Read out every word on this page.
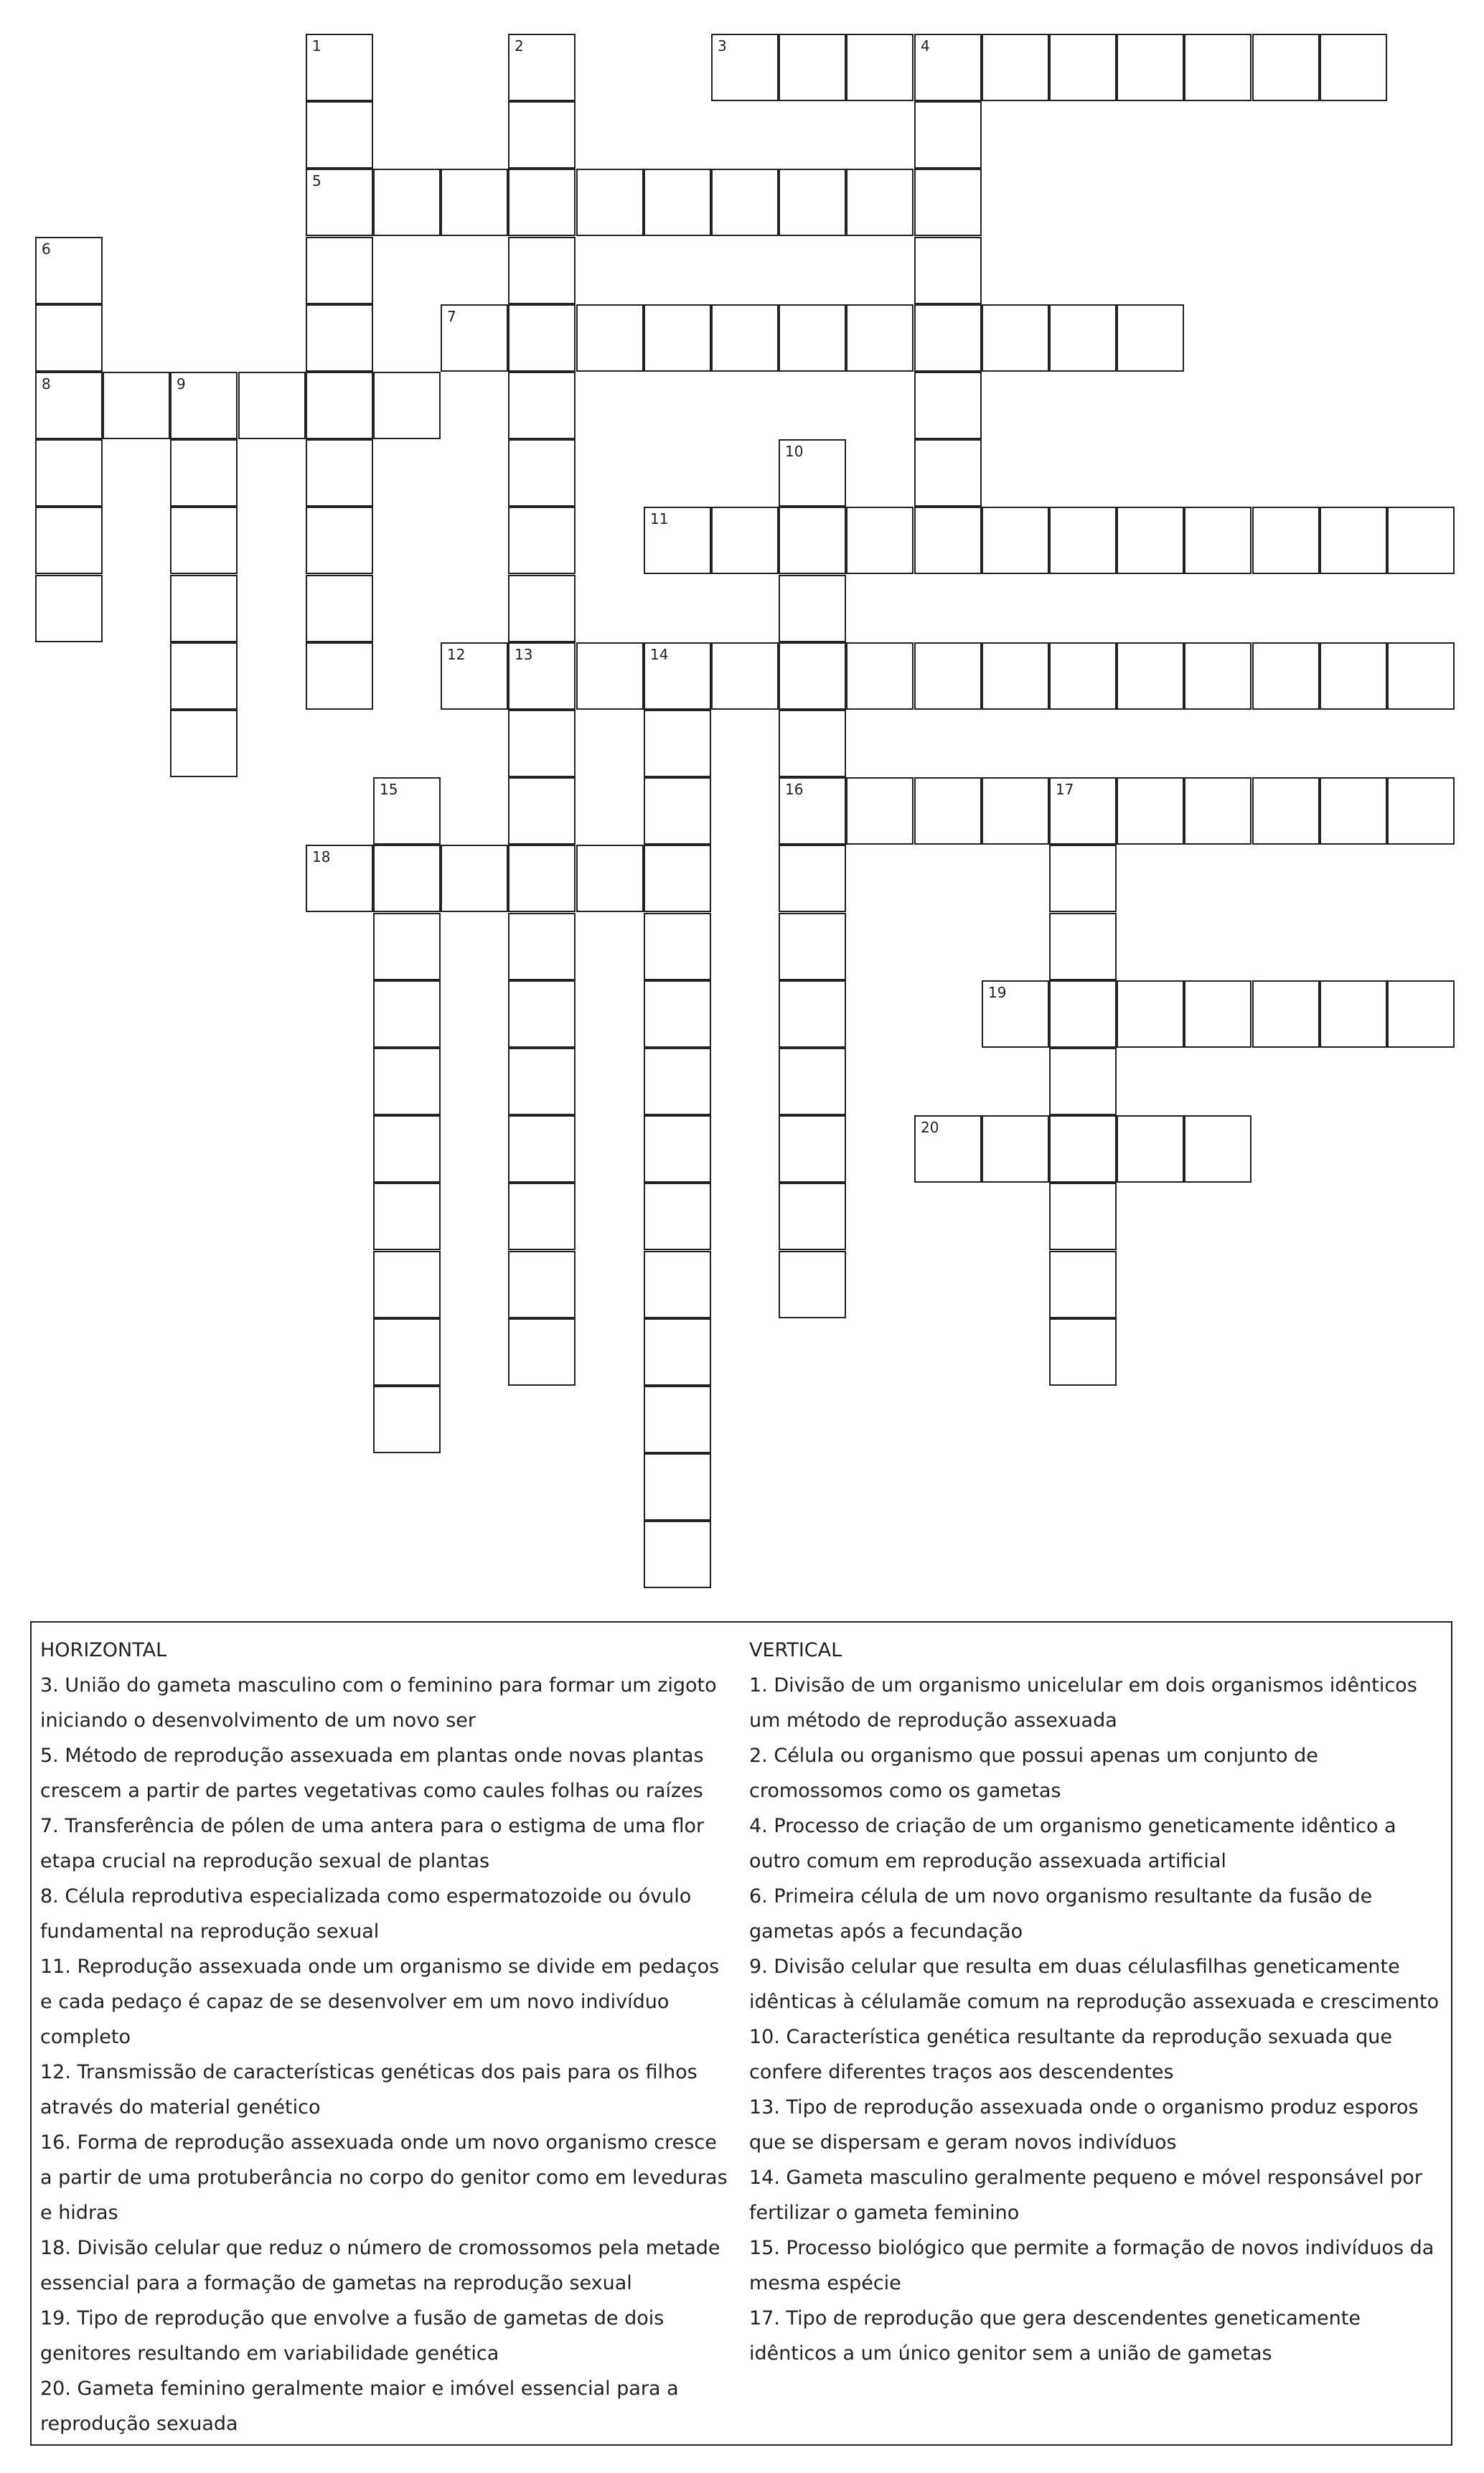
3	4
5
7
8	9
11
12	13	14
16	17
18
19
20
1	2
6
10
15
HORIZONTAL
3. União do gameta masculino com o feminino para formar um zigoto iniciando o desenvolvimento de um novo ser
5. Método de reprodução assexuada em plantas onde novas plantas crescem a partir de partes vegetativas como caules folhas ou raízes
7. Transferência de pólen de uma antera para o estigma de uma flor etapa crucial na reprodução sexual de plantas
8. Célula reprodutiva especializada como espermatozoide ou óvulo fundamental na reprodução sexual
11. Reprodução assexuada onde um organismo se divide em pedaços e cada pedaço é capaz de se desenvolver em um novo indivíduo completo
12. Transmissão de características genéticas dos pais para os filhos através do material genético
16. Forma de reprodução assexuada onde um novo organismo cresce a partir de uma protuberância no corpo do genitor como em leveduras e hidras
18. Divisão celular que reduz o número de cromossomos pela metade essencial para a formação de gametas na reprodução sexual
19. Tipo de reprodução que envolve a fusão de gametas de dois genitores resultando em variabilidade genética
20. Gameta feminino geralmente maior e imóvel essencial para a reprodução sexuada
VERTICAL
1. Divisão de um organismo unicelular em dois organismos idênticos um método de reprodução assexuada
2. Célula ou organismo que possui apenas um conjunto de cromossomos como os gametas
4. Processo de criação de um organismo geneticamente idêntico a outro comum em reprodução assexuada artificial
6. Primeira célula de um novo organismo resultante da fusão de gametas após a fecundação
9. Divisão celular que resulta em duas célulasfilhas geneticamente idênticas à célulamãe comum na reprodução assexuada e crescimento
10. Característica genética resultante da reprodução sexuada que confere diferentes traços aos descendentes
13. Tipo de reprodução assexuada onde o organismo produz esporos que se dispersam e geram novos indivíduos
14. Gameta masculino geralmente pequeno e móvel responsável por fertilizar o gameta feminino
15. Processo biológico que permite a formação de novos indivíduos da mesma espécie
17. Tipo de reprodução que gera descendentes geneticamente idênticos a um único genitor sem a união de gametas
